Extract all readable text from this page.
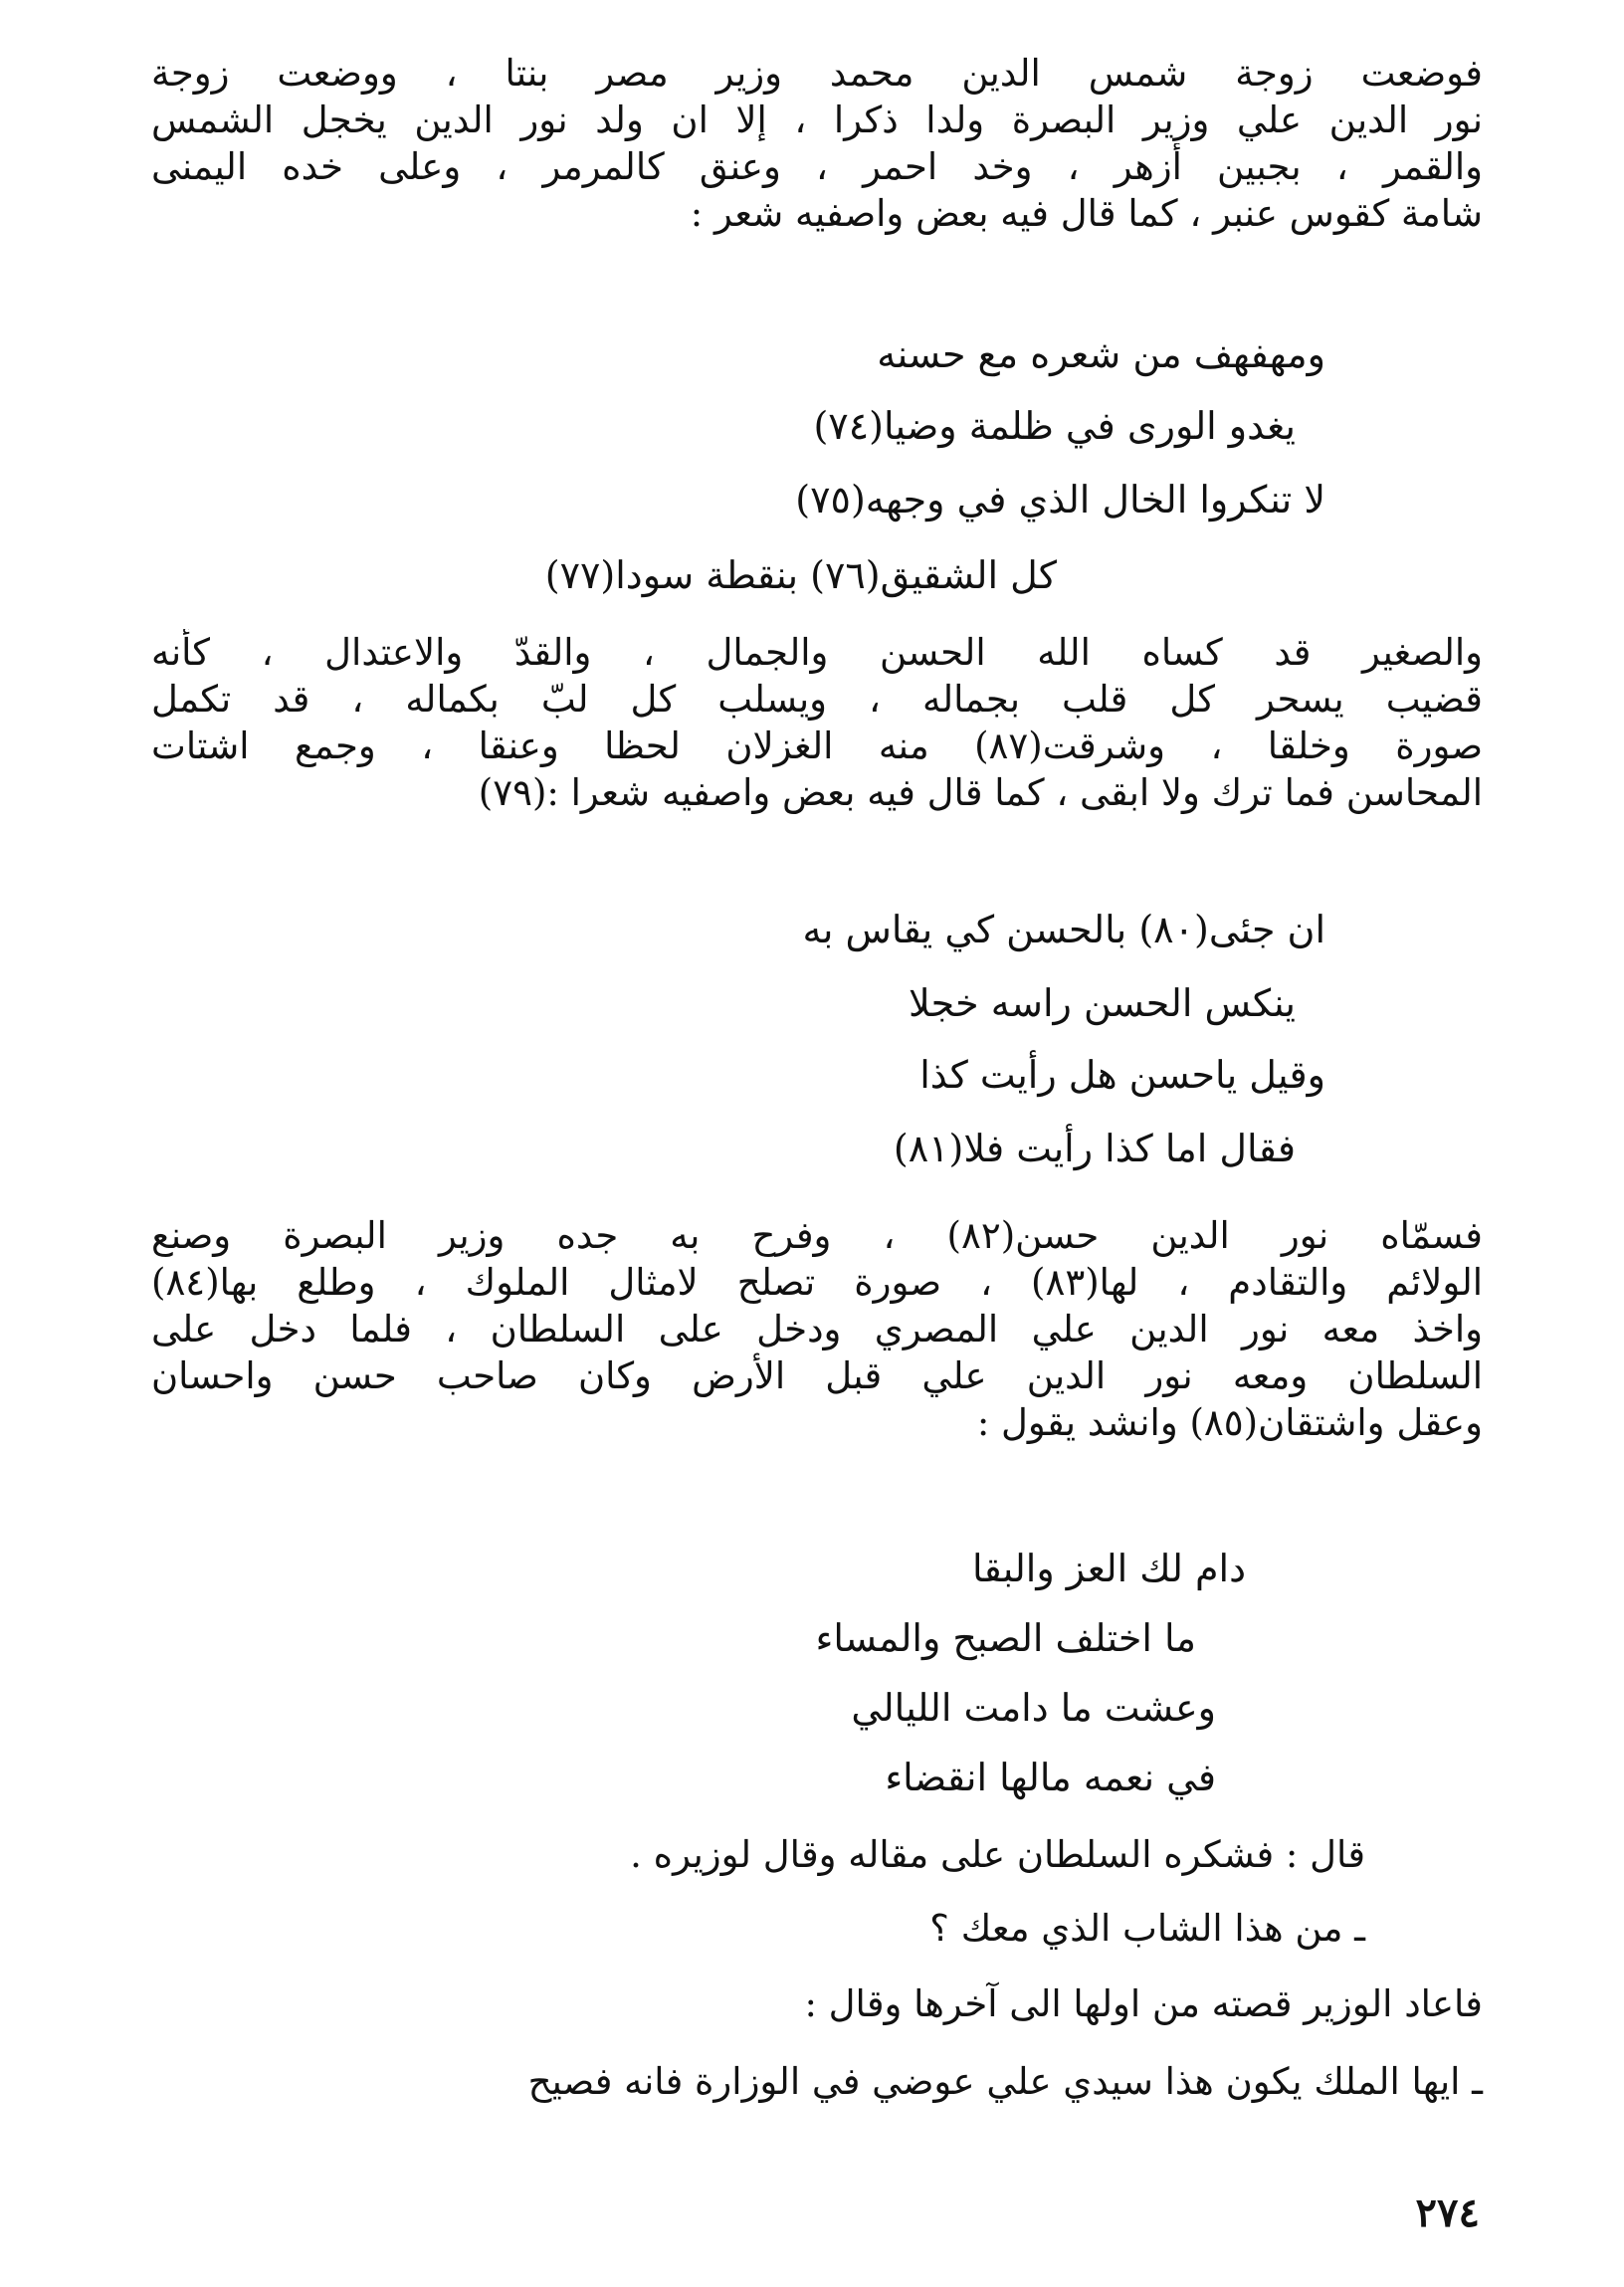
فوضعت زوجة شمس الدين محمد وزير مصر بنتا ، ووضعت زوجة
نور الدين علي وزير البصرة ولدا ذكرا ، إلا ان ولد نور الدين يخجل الشمس
والقمر ، بجبين أزهر ، وخد احمر ، وعنق كالمرمر ، وعلى خده اليمنى
شامة كقوس عنبر ، كما قال فيه بعض واصفيه شعر :
ومهفهف من شعره مع حسنه
يغدو الورى في ظلمة وضيا(٧٤)
لا تنكروا الخال الذي في وجهه(٧٥)
كل الشقيق(٧٦) بنقطة سودا(٧٧)
والصغير قد كساه الله الحسن والجمال ، والقدّ والاعتدال ، كأنه
قضيب يسحر كل قلب بجماله ، ويسلب كل لبّ بكماله ، قد تكمل
صورة وخلقا ، وشرقت(٨٧) منه الغزلان لحظا وعنقا ، وجمع اشتات
المحاسن فما ترك ولا ابقى ، كما قال فيه بعض واصفيه شعرا :(٧٩)
ان جئى(٨٠) بالحسن كي يقاس به
ينكس الحسن راسه خجلا
وقيل ياحسن هل رأيت كذا
فقال اما كذا رأيت فلا(٨١)
فسمّاه نور الدين حسن(٨٢) ، وفرح به جده وزير البصرة وصنع
الولائم والتقادم ، لها(٨٣) ، صورة تصلح لامثال الملوك ، وطلع بها(٨٤)
واخذ معه نور الدين علي المصري ودخل على السلطان ، فلما دخل على
السلطان ومعه نور الدين علي قبل الأرض وكان صاحب حسن واحسان
وعقل واشتقان(٨٥) وانشد يقول :
دام لك العز والبقا
ما اختلف الصبح والمساء
وعشت ما دامت الليالي
في نعمه مالها انقضاء
قال : فشكره السلطان على مقاله وقال لوزيره .
ـ من هذا الشاب الذي معك ؟
فاعاد الوزير قصته من اولها الى آخرها وقال :
ـ ايها الملك يكون هذا سيدي علي عوضي في الوزارة فانه فصيح
٢٧٤
